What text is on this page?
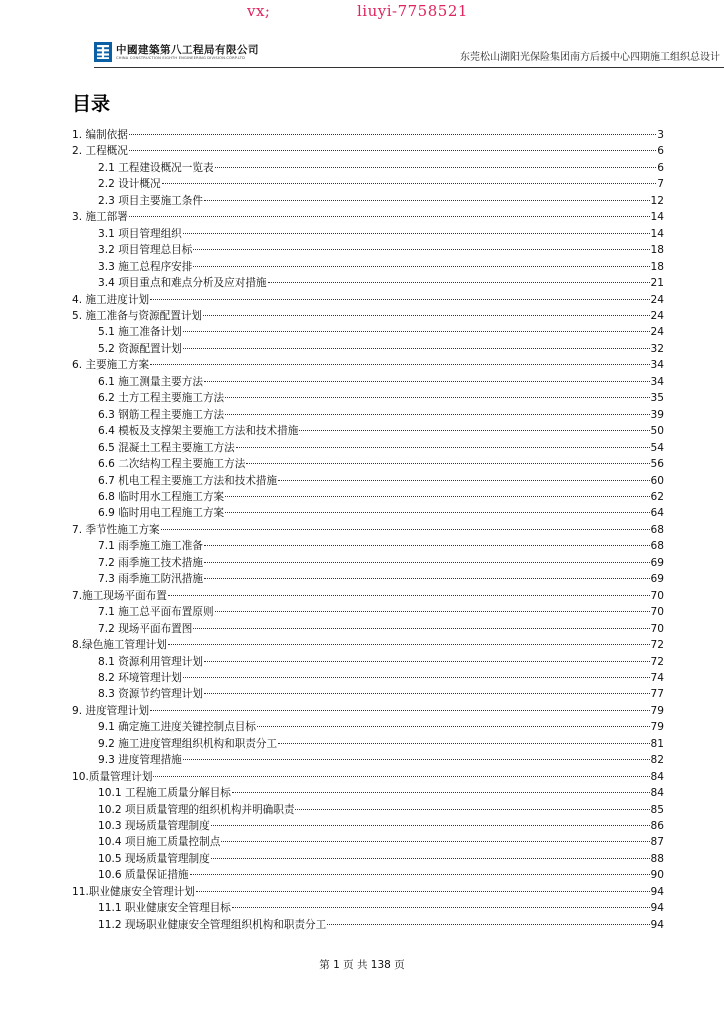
vx;	liuyi-7758521
中國建築第八工程局有限公司
CHINA CONSTRUCTION EIGHTH ENGINEERING DIVISION.CORP.LTD	东莞松山湖阳光保险集团南方后援中心四期施工组织总设计
目录
1. 编制依据	3
2. 工程概况	6
2.1 工程建设概况一览表	6
2.2 设计概况	7
2.3 项目主要施工条件	12
3. 施工部署	14
3.1 项目管理组织	14
3.2 项目管理总目标	18
3.3 施工总程序安排	18
3.4 项目重点和难点分析及应对措施	21
4. 施工进度计划	24
5. 施工准备与资源配置计划	24
5.1 施工准备计划	24
5.2 资源配置计划	32
6. 主要施工方案	34
6.1 施工测量主要方法	34
6.2 土方工程主要施工方法	35
6.3 钢筋工程主要施工方法	39
6.4 模板及支撑架主要施工方法和技术措施	50
6.5 混凝土工程主要施工方法	54
6.6 二次结构工程主要施工方法	56
6.7 机电工程主要施工方法和技术措施	60
6.8 临时用水工程施工方案	62
6.9 临时用电工程施工方案	64
7. 季节性施工方案	68
7.1 雨季施工施工准备	68
7.2 雨季施工技术措施	69
7.3 雨季施工防汛措施	69
7.施工现场平面布置	70
7.1 施工总平面布置原则	70
7.2 现场平面布置图	70
8.绿色施工管理计划	72
8.1 资源利用管理计划	72
8.2 环境管理计划	74
8.3 资源节约管理计划	77
9. 进度管理计划	79
9.1 确定施工进度关键控制点目标	79
9.2 施工进度管理组织机构和职责分工	81
9.3 进度管理措施	82
10.质量管理计划	84
10.1 工程施工质量分解目标	84
10.2 项目质量管理的组织机构并明确职责	85
10.3 现场质量管理制度	86
10.4 项目施工质量控制点	87
10.5 现场质量管理制度	88
10.6 质量保证措施	90
11.职业健康安全管理计划	94
11.1 职业健康安全管理目标	94
11.2 现场职业健康安全管理组织机构和职责分工	94
第 1 页 共 138 页
